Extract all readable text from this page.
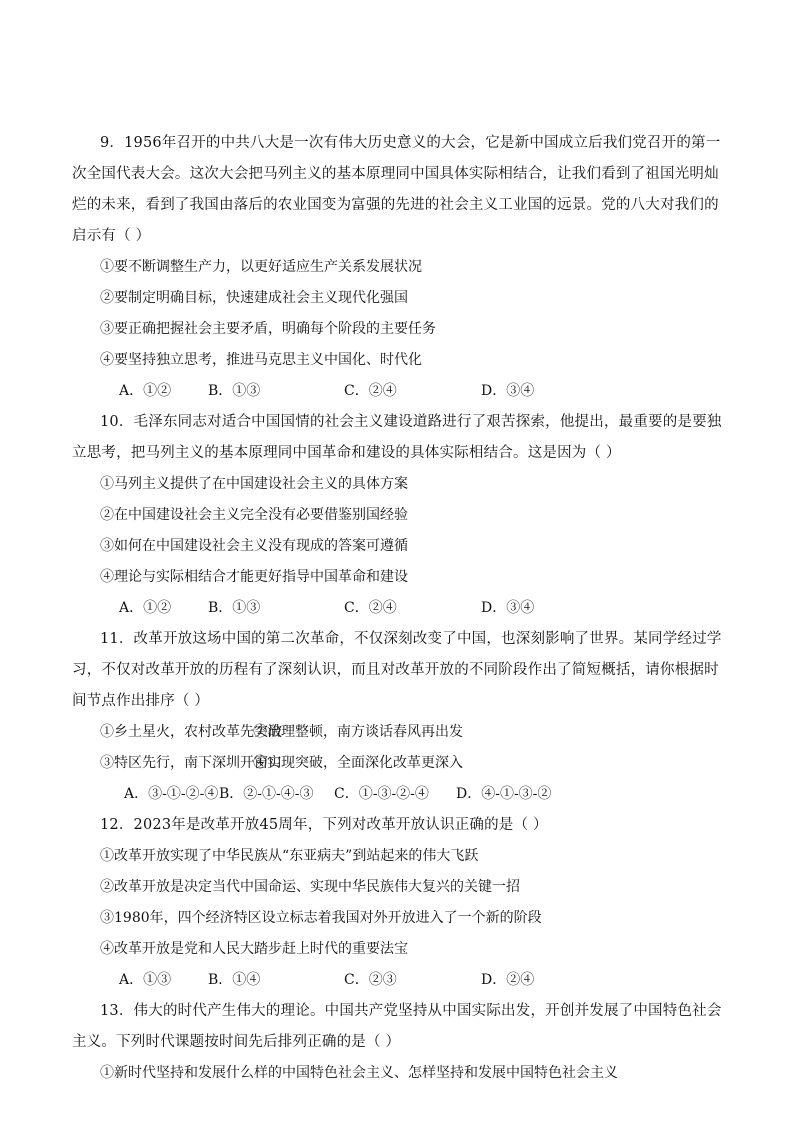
9．1956年召开的中共八大是一次有伟大历史意义的大会，它是新中国成立后我们党召开的第一次全国代表大会。这次大会把马列主义的基本原理同中国具体实际相结合，让我们看到了祖国光明灿烂的未来，看到了我国由落后的农业国变为富强的先进的社会主义工业国的远景。党的八大对我们的启示有（ ）

①要不断调整生产力，以更好适应生产关系发展状况

②要制定明确目标，快速建成社会主义现代化强国

③要正确把握社会主要矛盾，明确每个阶段的主要任务

④要坚持独立思考，推进马克思主义中国化、时代化

A．①②	B．①③	C．②④	D．③④

10．毛泽东同志对适合中国国情的社会主义建设道路进行了艰苦探索，他提出，最重要的是要独立思考，把马列主义的基本原理同中国革命和建设的具体实际相结合。这是因为（ ）

①马列主义提供了在中国建设社会主义的具体方案

②在中国建设社会主义完全没有必要借鉴别国经验

③如何在中国建设社会主义没有现成的答案可遵循

④理论与实际相结合才能更好指导中国革命和建设

A．①②	B．①③	C．②④	D．③④

11．改革开放这场中国的第二次革命，不仅深刻改变了中国，也深刻影响了世界。某同学经过学习，不仅对改革开放的历程有了深刻认识，而且对改革开放的不同阶段作出了简短概括，请你根据时间节点作出排序（ ）

①乡土星火，农村改革先突破②治理整顿，南方谈话春风再出发

③特区先行，南下深圳开窗口④实现突破，全面深化改革更深入

A．③-①-②-④B．②-①-④-③ C．①-③-②-④ D．④-①-③-②

12．2023年是改革开放45周年，下列对改革开放认识正确的是（ ）

①改革开放实现了中华民族从“东亚病夫”到站起来的伟大飞跃

②改革开放是决定当代中国命运、实现中华民族伟大复兴的关键一招

③1980年，四个经济特区设立标志着我国对外开放进入了一个新的阶段

④改革开放是党和人民大踏步赶上时代的重要法宝

A．①③	B．①④	C．②③	D．②④

13．伟大的时代产生伟大的理论。中国共产党坚持从中国实际出发，开创并发展了中国特色社会主义。下列时代课题按时间先后排列正确的是（ ）

①新时代坚持和发展什么样的中国特色社会主义、怎样坚持和发展中国特色社会主义
